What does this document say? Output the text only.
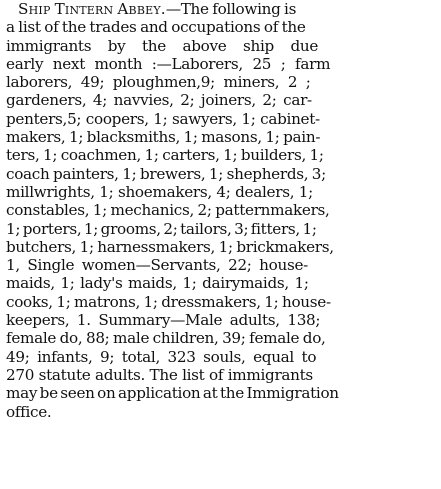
Ship Tintern Abbey.—The following is
a list of the trades and occupations of the
immigrants by the above ship due
early next month :—Laborers, 25 ; farm
laborers, 49; ploughmen,9; miners, 2 ;
gardeners, 4; navvies, 2; joiners, 2; car-
penters,5; coopers, 1; sawyers, 1; cabinet-
makers, 1; blacksmiths, 1; masons, 1; pain-
ters, 1; coachmen, 1; carters, 1; builders, 1;
coach painters, 1; brewers, 1; shepherds, 3;
millwrights, 1; shoemakers, 4; dealers, 1;
constables, 1; mechanics, 2; patternmakers,
1; porters, 1; grooms, 2; tailors, 3; fitters, 1;
butchers, 1; harnessmakers, 1; brickmakers,
1, Single women—Servants, 22; house-
maids, 1; lady's maids, 1; dairymaids, 1;
cooks, 1; matrons, 1; dressmakers, 1; house-
keepers, 1. Summary—Male adults, 138;
female do, 88; male children, 39; female do,
49; infants, 9; total, 323 souls, equal to
270 statute adults. The list of immigrants
may be seen on application at the Immigration
office.
